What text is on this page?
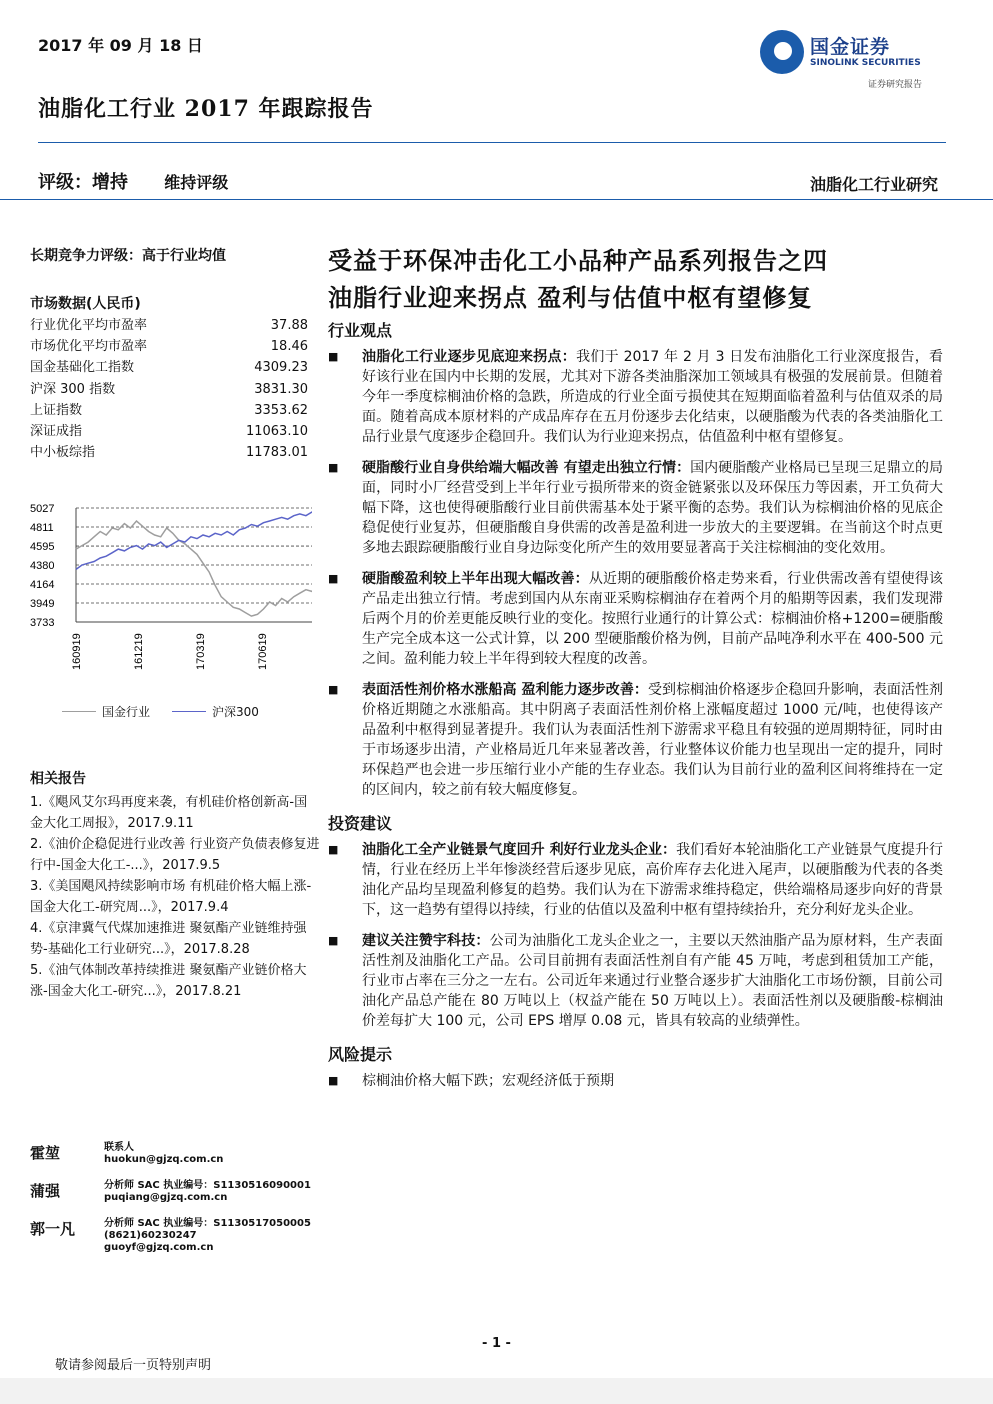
2017 年 09 月 18 日
油脂化工行业 2017 年跟踪报告
国金证券
SINOLINK SECURITIES
证券研究报告
评级：增持 维持评级	油脂化工行业研究
长期竞争力评级：高于行业均值
市场数据(人民币)
行业优化平均市盈率	37.88
市场优化平均市盈率	18.46
国金基础化工指数	4309.23
沪深 300 指数	3831.30
上证指数	3353.62
深证成指	11063.10
中小板综指	11783.01
5027
4811
4595
4380
4164
3949
3733
160919	161219	170319	170619
国金行业	沪深300
相关报告
1.《飓风艾尔玛再度来袭，有机硅价格创新高-国金大化工周报》，2017.9.11
2.《油价企稳促进行业改善 行业资产负债表修复进行中-国金大化工-...》，2017.9.5
3.《美国飓风持续影响市场 有机硅价格大幅上涨-国金大化工-研究周...》，2017.9.4
4.《京津冀气代煤加速推进 聚氨酯产业链维持强势-基础化工行业研究...》，2017.8.28
5.《油气体制改革持续推进 聚氨酯产业链价格大涨-国金大化工-研究...》，2017.8.21
霍堃	联系人
huokun@gjzq.com.cn
蒲强	分析师 SAC 执业编号：S1130516090001
puqiang@gjzq.com.cn
郭一凡	分析师 SAC 执业编号：S1130517050005
(8621)60230247
guoyf@gjzq.com.cn
受益于环保冲击化工小品种产品系列报告之四
油脂行业迎来拐点 盈利与估值中枢有望修复
行业观点
■	油脂化工行业逐步见底迎来拐点：我们于 2017 年 2 月 3 日发布油脂化工行业深度报告，看好该行业在国内中长期的发展，尤其对下游各类油脂深加工领域具有极强的发展前景。但随着今年一季度棕榈油价格的急跌，所造成的行业全面亏损使其在短期面临着盈利与估值双杀的局面。随着高成本原材料的产成品库存在五月份逐步去化结束，以硬脂酸为代表的各类油脂化工品行业景气度逐步企稳回升。我们认为行业迎来拐点，估值盈利中枢有望修复。
■	硬脂酸行业自身供给端大幅改善 有望走出独立行情：国内硬脂酸产业格局已呈现三足鼎立的局面，同时小厂经营受到上半年行业亏损所带来的资金链紧张以及环保压力等因素，开工负荷大幅下降，这也使得硬脂酸行业目前供需基本处于紧平衡的态势。我们认为棕榈油价格的见底企稳促使行业复苏，但硬脂酸自身供需的改善是盈利进一步放大的主要逻辑。在当前这个时点更多地去跟踪硬脂酸行业自身边际变化所产生的效用要显著高于关注棕榈油的变化效用。
■	硬脂酸盈利较上半年出现大幅改善：从近期的硬脂酸价格走势来看，行业供需改善有望使得该产品走出独立行情。考虑到国内从东南亚采购棕榈油存在着两个月的船期等因素，我们发现滞后两个月的价差更能反映行业的变化。按照行业通行的计算公式：棕榈油价格+1200=硬脂酸生产完全成本这一公式计算，以 200 型硬脂酸价格为例，目前产品吨净利水平在 400-500 元之间。盈利能力较上半年得到较大程度的改善。
■	表面活性剂价格水涨船高 盈利能力逐步改善：受到棕榈油价格逐步企稳回升影响，表面活性剂价格近期随之水涨船高。其中阴离子表面活性剂价格上涨幅度超过 1000 元/吨，也使得该产品盈利中枢得到显著提升。我们认为表面活性剂下游需求平稳且有较强的逆周期特征，同时由于市场逐步出清，产业格局近几年来显著改善，行业整体议价能力也呈现出一定的提升，同时环保趋严也会进一步压缩行业小产能的生存业态。我们认为目前行业的盈利区间将维持在一定的区间内，较之前有较大幅度修复。
投资建议
■	油脂化工全产业链景气度回升 利好行业龙头企业：我们看好本轮油脂化工产业链景气度提升行情，行业在经历上半年惨淡经营后逐步见底，高价库存去化进入尾声，以硬脂酸为代表的各类油化产品均呈现盈利修复的趋势。我们认为在下游需求维持稳定，供给端格局逐步向好的背景下，这一趋势有望得以持续，行业的估值以及盈利中枢有望持续抬升，充分利好龙头企业。
■	建议关注赞宇科技：公司为油脂化工龙头企业之一，主要以天然油脂产品为原材料，生产表面活性剂及油脂化工产品。公司目前拥有表面活性剂自有产能 45 万吨，考虑到租赁加工产能，行业市占率在三分之一左右。公司近年来通过行业整合逐步扩大油脂化工市场份额，目前公司油化产品总产能在 80 万吨以上（权益产能在 50 万吨以上）。表面活性剂以及硬脂酸-棕榈油价差每扩大 100 元，公司 EPS 增厚 0.08 元，皆具有较高的业绩弹性。
风险提示
■	棕榈油价格大幅下跌；宏观经济低于预期
- 1 -
敬请参阅最后一页特别声明
